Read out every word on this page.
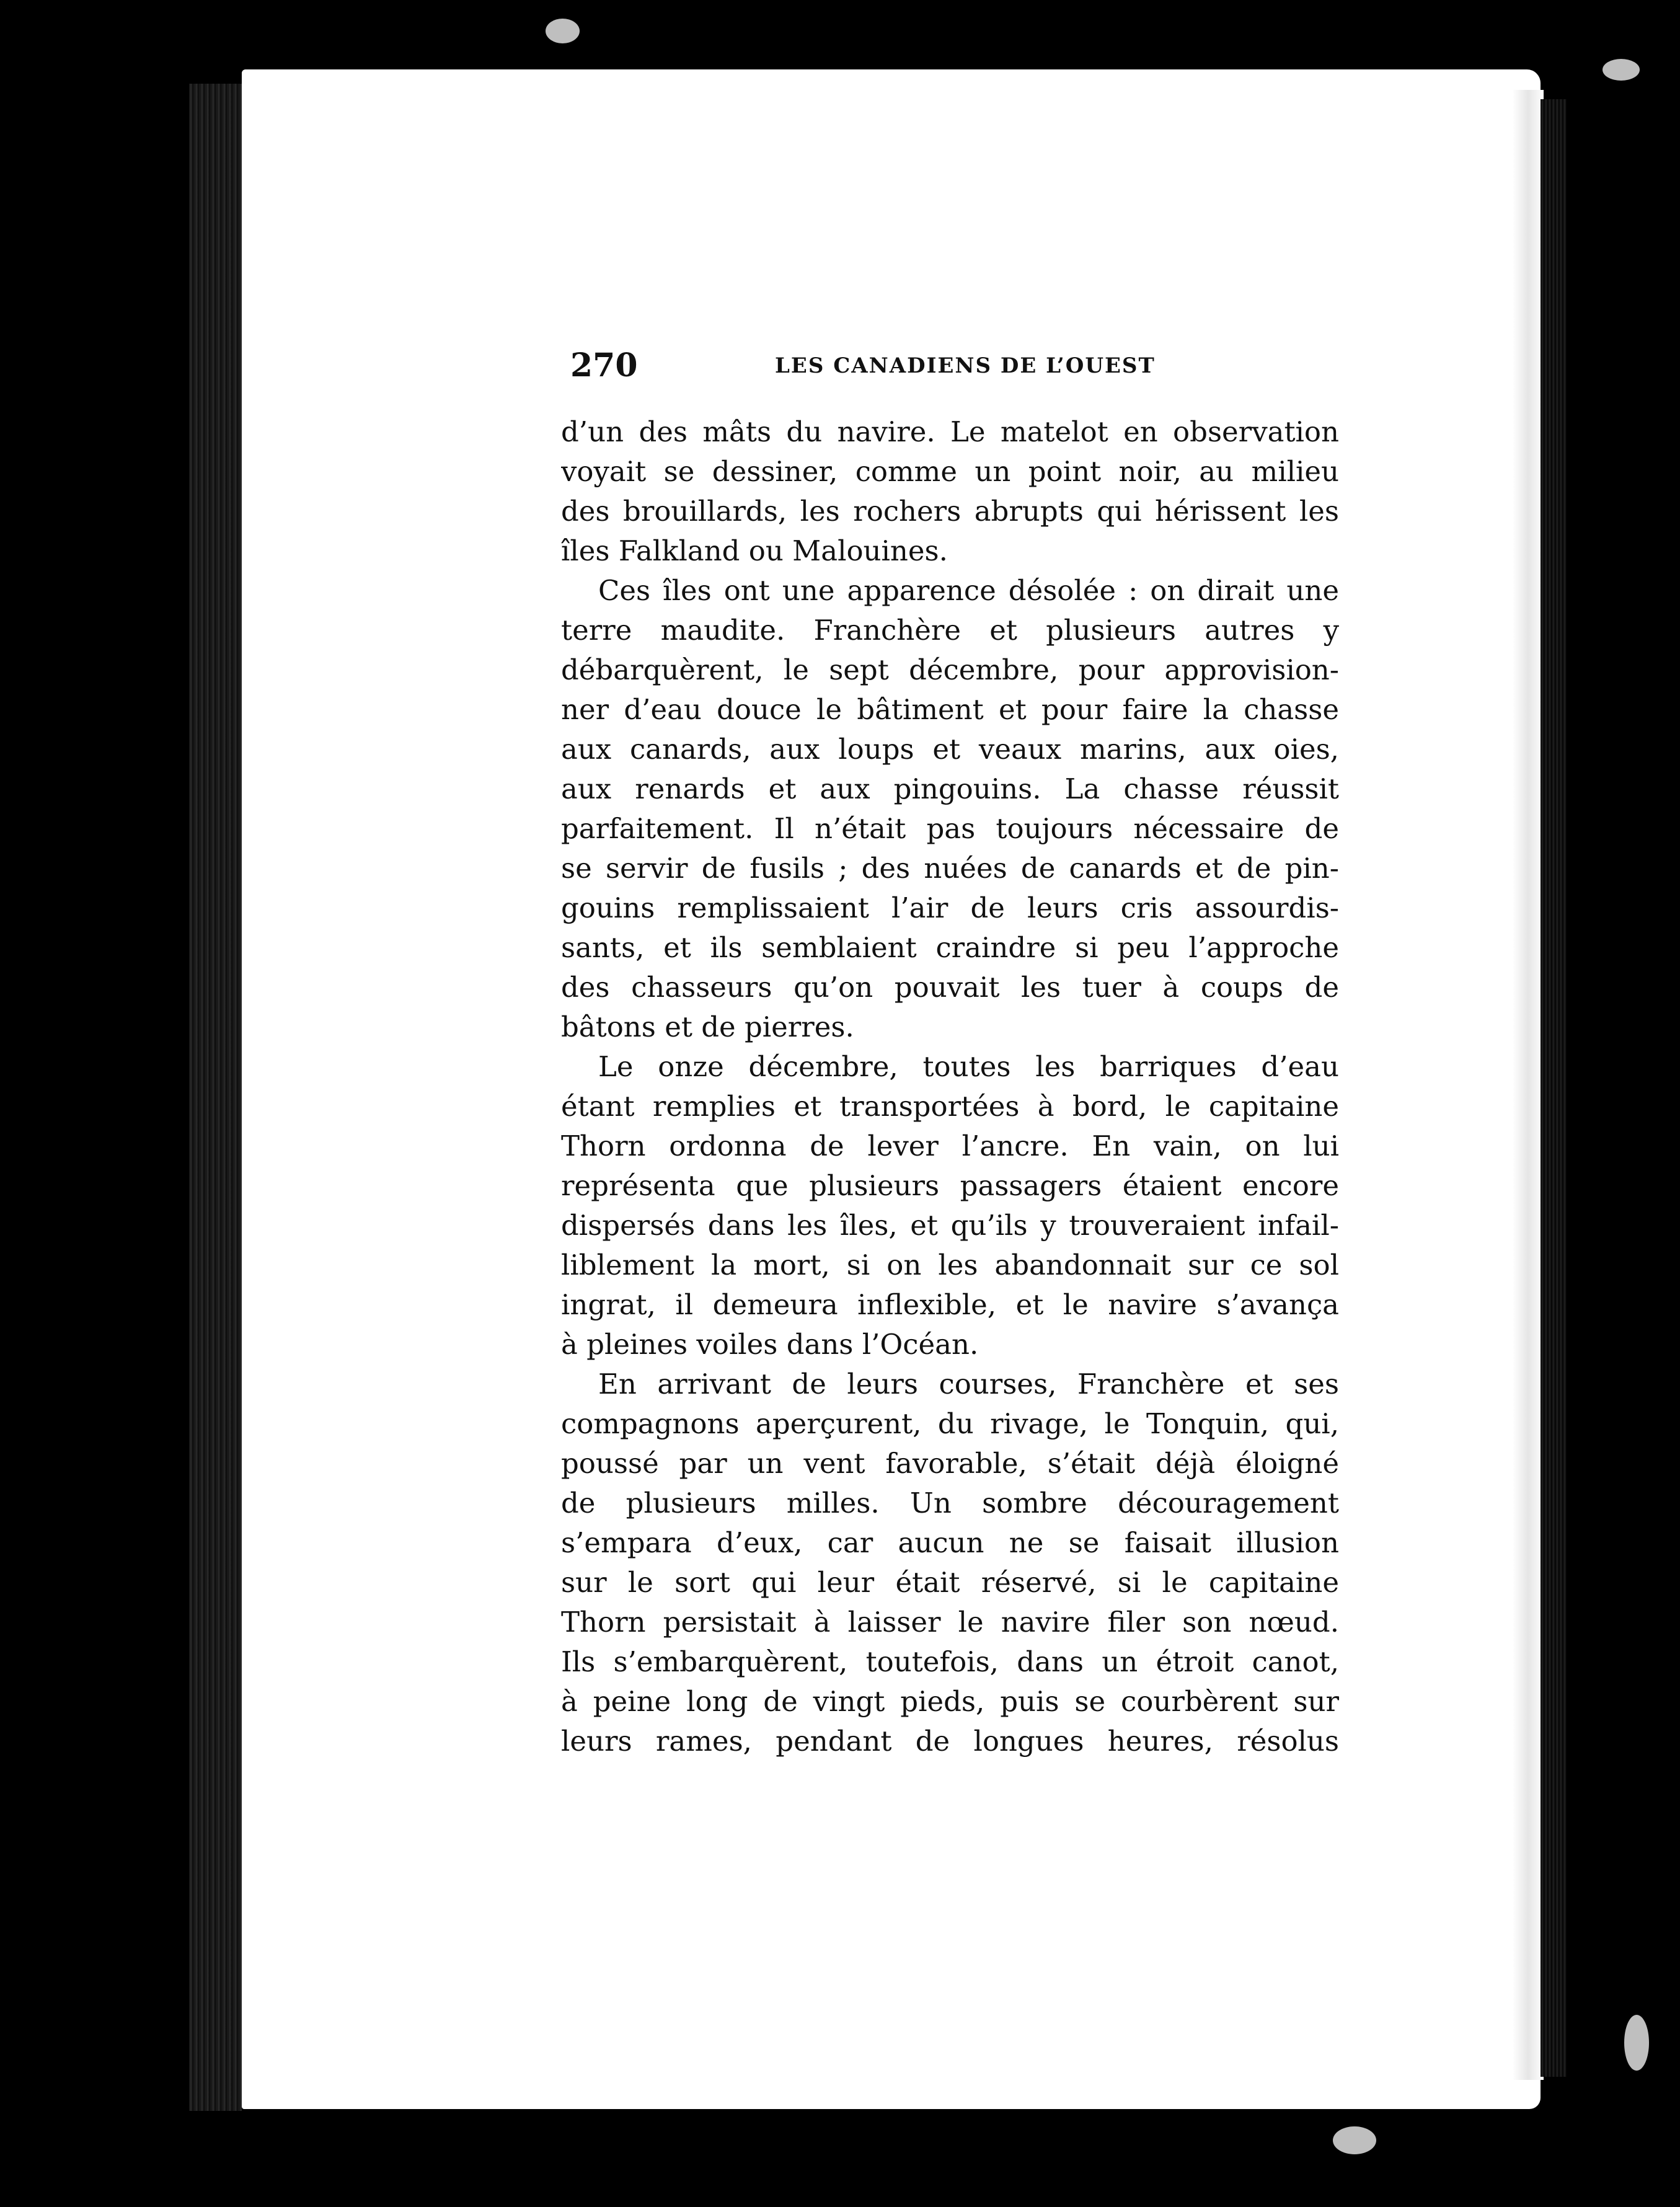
270	LES CANADIENS DE L’OUEST
d’un des mâts du navire. Le matelot en observation
voyait se dessiner, comme un point noir, au milieu
des brouillards, les rochers abrupts qui hérissent les
îles Falkland ou Malouines.
Ces îles ont une apparence désolée : on dirait une
terre maudite. Franchère et plusieurs autres y
débarquèrent, le sept décembre, pour approvision-
ner d’eau douce le bâtiment et pour faire la chasse
aux canards, aux loups et veaux marins, aux oies,
aux renards et aux pingouins. La chasse réussit
parfaitement. Il n’était pas toujours nécessaire de
se servir de fusils ; des nuées de canards et de pin-
gouins remplissaient l’air de leurs cris assourdis-
sants, et ils semblaient craindre si peu l’approche
des chasseurs qu’on pouvait les tuer à coups de
bâtons et de pierres.
Le onze décembre, toutes les barriques d’eau
étant remplies et transportées à bord, le capitaine
Thorn ordonna de lever l’ancre. En vain, on lui
représenta que plusieurs passagers étaient encore
dispersés dans les îles, et qu’ils y trouveraient infail-
liblement la mort, si on les abandonnait sur ce sol
ingrat, il demeura inflexible, et le navire s’avança
à pleines voiles dans l’Océan.
En arrivant de leurs courses, Franchère et ses
compagnons aperçurent, du rivage, le Tonquin, qui,
poussé par un vent favorable, s’était déjà éloigné
de plusieurs milles. Un sombre découragement
s’empara d’eux, car aucun ne se faisait illusion
sur le sort qui leur était réservé, si le capitaine
Thorn persistait à laisser le navire filer son nœud.
Ils s’embarquèrent, toutefois, dans un étroit canot,
à peine long de vingt pieds, puis se courbèrent sur
leurs rames, pendant de longues heures, résolus
